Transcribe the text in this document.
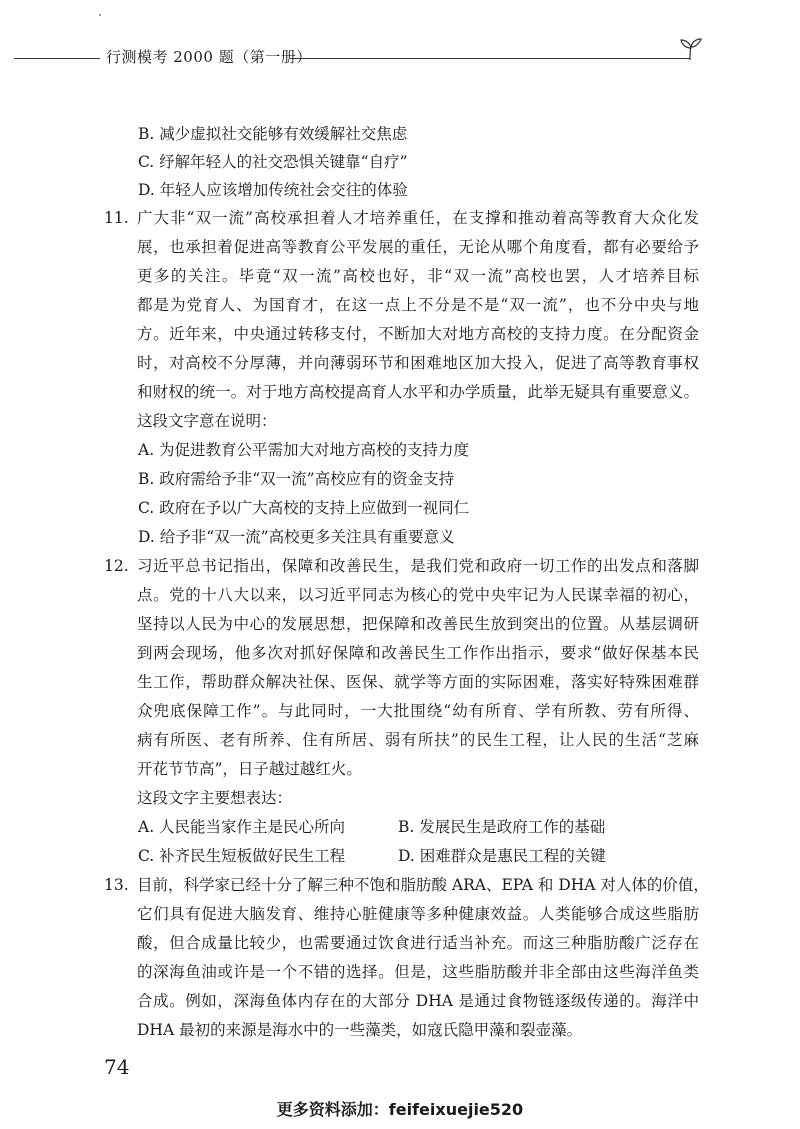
行测模考 2000 题（第一册）
B. 减少虚拟社交能够有效缓解社交焦虑
C. 纾解年轻人的社交恐惧关键靠“自疗”
D. 年轻人应该增加传统社会交往的体验
11. 广大非“双一流”高校承担着人才培养重任，在支撑和推动着高等教育大众化发
展，也承担着促进高等教育公平发展的重任，无论从哪个角度看，都有必要给予
更多的关注。毕竟“双一流”高校也好，非“双一流”高校也罢，人才培养目标
都是为党育人、为国育才，在这一点上不分是不是“双一流”，也不分中央与地
方。近年来，中央通过转移支付，不断加大对地方高校的支持力度。在分配资金
时，对高校不分厚薄，并向薄弱环节和困难地区加大投入，促进了高等教育事权
和财权的统一。对于地方高校提高育人水平和办学质量，此举无疑具有重要意义。
这段文字意在说明：
A. 为促进教育公平需加大对地方高校的支持力度
B. 政府需给予非“双一流”高校应有的资金支持
C. 政府在予以广大高校的支持上应做到一视同仁
D. 给予非“双一流”高校更多关注具有重要意义
12. 习近平总书记指出，保障和改善民生，是我们党和政府一切工作的出发点和落脚
点。党的十八大以来，以习近平同志为核心的党中央牢记为人民谋幸福的初心，
坚持以人民为中心的发展思想，把保障和改善民生放到突出的位置。从基层调研
到两会现场，他多次对抓好保障和改善民生工作作出指示，要求“做好保基本民
生工作，帮助群众解决社保、医保、就学等方面的实际困难，落实好特殊困难群
众兜底保障工作”。与此同时，一大批围绕“幼有所育、学有所教、劳有所得、
病有所医、老有所养、住有所居、弱有所扶”的民生工程，让人民的生活“芝麻
开花节节高”，日子越过越红火。
这段文字主要想表达：
A. 人民能当家作主是民心所向	B. 发展民生是政府工作的基础
C. 补齐民生短板做好民生工程	D. 困难群众是惠民工程的关键
13. 目前，科学家已经十分了解三种不饱和脂肪酸 ARA、EPA 和 DHA 对人体的价值，
它们具有促进大脑发育、维持心脏健康等多种健康效益。人类能够合成这些脂肪
酸，但合成量比较少，也需要通过饮食进行适当补充。而这三种脂肪酸广泛存在
的深海鱼油或许是一个不错的选择。但是，这些脂肪酸并非全部由这些海洋鱼类
合成。例如，深海鱼体内存在的大部分 DHA 是通过食物链逐级传递的。海洋中
DHA 最初的来源是海水中的一些藻类，如寇氏隐甲藻和裂壶藻。
74
更多资料添加：feifeixuejie520
